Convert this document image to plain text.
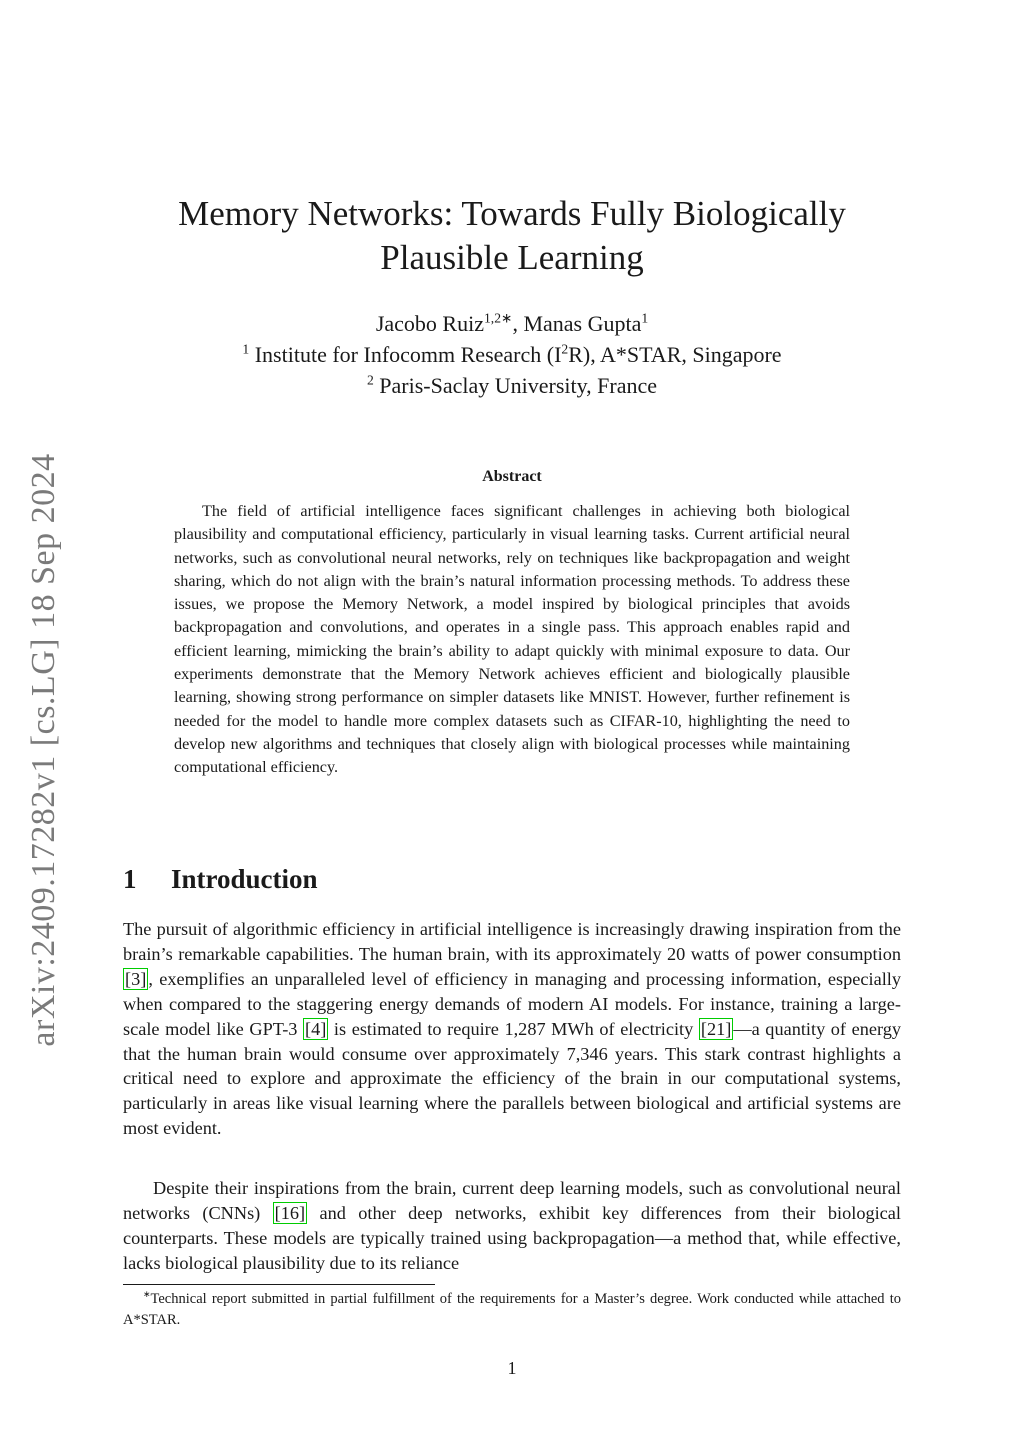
arXiv:2409.17282v1 [cs.LG] 18 Sep 2024
Memory Networks: Towards Fully Biologically
Plausible Learning
Jacobo Ruiz$^{1,2∗}$, Manas Gupta$^1$
$^1$ Institute for Infocomm Research $(I^2R)$, A*STAR, Singapore
$^2$ Paris-Saclay University, France
Abstract

The field of artificial intelligence faces significant challenges in achieving both biological plausibility and computational efficiency, particularly in visual learning tasks. Current artificial neural networks, such as convolutional neural networks, rely on techniques like backpropagation and weight sharing, which do not align with the brain’s natural information processing methods. To address these issues, we propose the Memory Network, a model inspired by biological principles that avoids backpropagation and convolutions, and operates in a single pass. This approach enables rapid and efficient learning, mimicking the brain’s ability to adapt quickly with minimal exposure to data. Our experiments demonstrate that the Memory Network achieves efficient and biologically plausible learning, showing strong performance on simpler datasets like MNIST. However, further refinement is needed for the model to handle more complex datasets such as CIFAR-10, highlighting the need to develop new algorithms and techniques that closely align with biological processes while maintaining computational efficiency.

1 Introduction

The pursuit of algorithmic efficiency in artificial intelligence is increasingly drawing inspiration from the brain’s remarkable capabilities. The human brain, with its approximately 20 watts of power consumption [3] , exemplifies an unparalleled level of efficiency in managing and processing information, especially when compared to the staggering energy demands of modern AI models. For instance, training a large-scale model like GPT-3 [4] is estimated to require 1,287 MWh of electricity [21] —a quantity of energy that the human brain would consume over approximately 7,346 years. This stark contrast highlights a critical need to explore and approximate the efficiency of the brain in our computational systems, particularly in areas like visual learning where the parallels between biological and artificial systems are most evident.

Despite their inspirations from the brain, current deep learning models, such as convolutional neural networks (CNNs) [16] and other deep networks, exhibit key differences from their biological counterparts. These models are typically trained using backpropagation—a method that, while effective, lacks biological plausibility due to its reliance

∗Technical report submitted in partial fulfillment of the requirements for a Master’s degree. Work conducted while attached to A*STAR.

1
